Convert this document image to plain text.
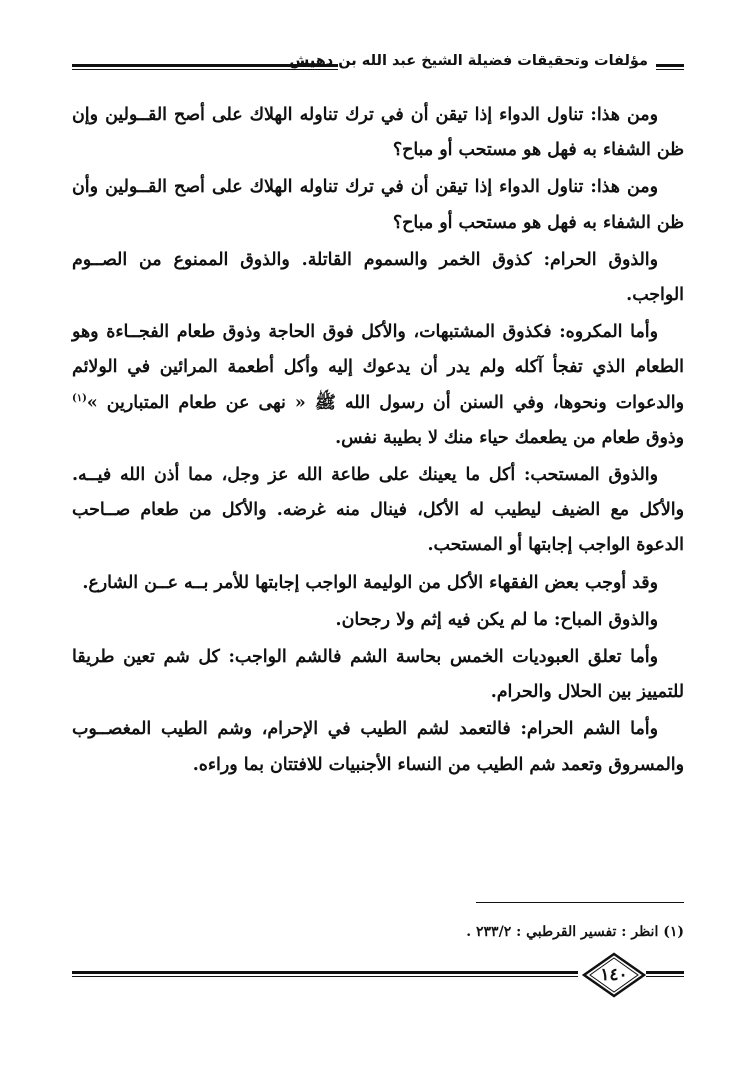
مؤلفات وتحقيقات فضيلة الشيخ عبد الله بن دهيش

ومن هذا: تناول الدواء إذا تيقن أن في ترك تناوله الهلاك على أصح القــولين وإن ظن الشفاء به فهل هو مستحب أو مباح؟

ومن هذا: تناول الدواء إذا تيقن أن في ترك تناوله الهلاك على أصح القــولين وأن ظن الشفاء به فهل هو مستحب أو مباح؟

والذوق الحرام: كذوق الخمر والسموم القاتلة. والذوق الممنوع من الصــوم الواجب.

وأما المكروه: فكذوق المشتبهات، والأكل فوق الحاجة وذوق طعام الفجــاءة وهو الطعام الذي تفجأ آكله ولم يدر أن يدعوك إليه وأكل أطعمة المرائين في الولائم والدعوات ونحوها، وفي السنن أن رسول الله ﷺ « نهى عن طعام المتبارين »$^{(١)}$ وذوق طعام من يطعمك حياء منك لا بطيبة نفس.

والذوق المستحب: أكل ما يعينك على طاعة الله عز وجل، مما أذن الله فيــه. والأكل مع الضيف ليطيب له الأكل، فينال منه غرضه. والأكل من طعام صــاحب الدعوة الواجب إجابتها أو المستحب.

وقد أوجب بعض الفقهاء الأكل من الوليمة الواجب إجابتها للأمر بــه عــن الشارع.

والذوق المباح: ما لم يكن فيه إثم ولا رجحان.

وأما تعلق العبوديات الخمس بحاسة الشم فالشم الواجب: كل شم تعين طريقا للتمييز بين الحلال والحرام.

وأما الشم الحرام: فالتعمد لشم الطيب في الإحرام، وشم الطيب المغصــوب والمسروق وتعمد شم الطيب من النساء الأجنبيات للافتتان بما وراءه.

(١) انظر : تفسير القرطبي : ٢٣٣/٢ .
١٤٠
